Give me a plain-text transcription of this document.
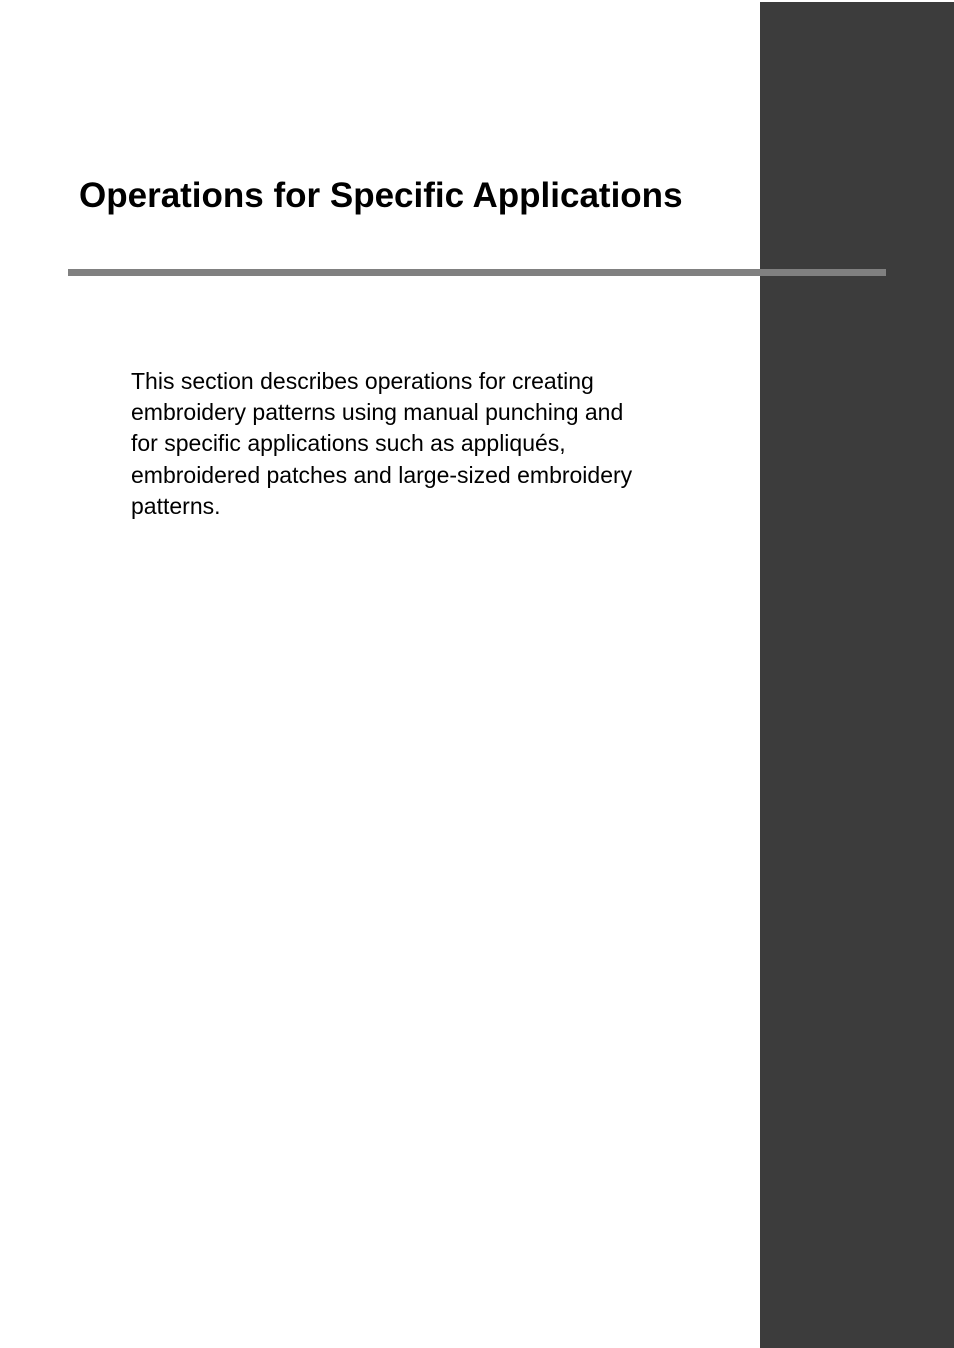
Operations for Specific Applications

This section describes operations for creating
embroidery patterns using manual punching and
for specific applications such as appliqués,
embroidered patches and large-sized embroidery
patterns.
